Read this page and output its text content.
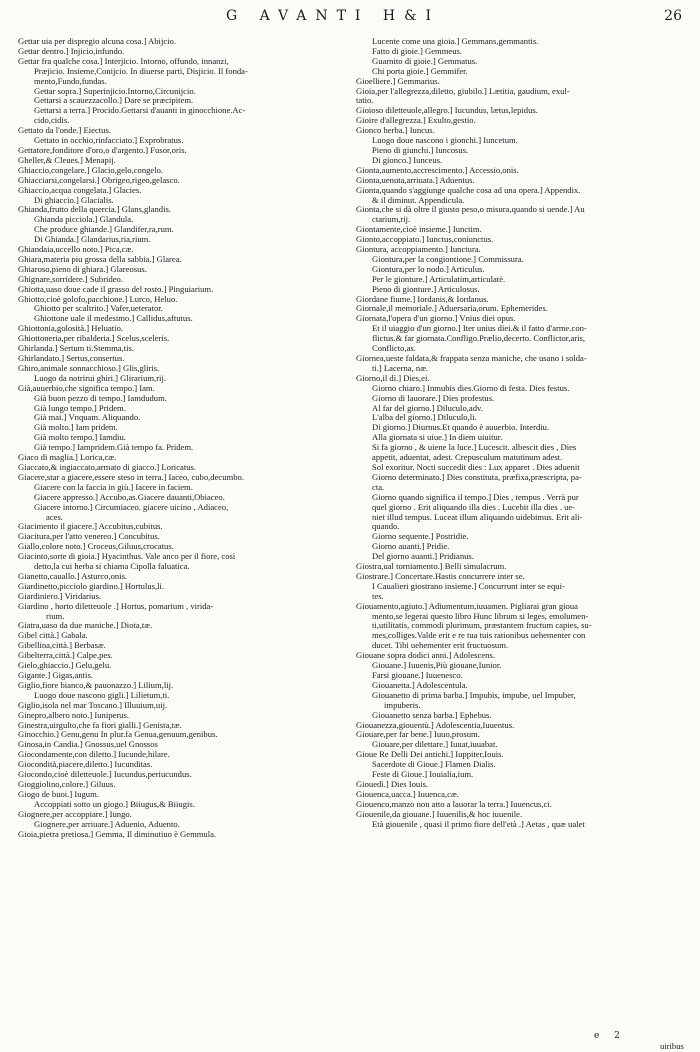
G AVANTI H&I	26
Gettar uia per dispregio alcuna cosa.] Abijcio.
Gettar dentro.] Injicio,infundo.
Gettar fra qualche cosa.] Interjicio. Intorno, offundo, innanzi,
Præjicio. Insieme,Conijcio. In diuerse parti, Disjicio. Il fonda-
mento,Fundo,fundas.
Gettar sopra.] Superinjicio.Intorno,Circunijcio.
Gettarsi a scauezzacollo.] Dare se præcipitem.
Gettarsi a terra.] Procido.Gettarsi d'auanti in ginocchione.Ac-
cido,cidis.
Gettato da l'onde.] Eiectus.
Gettato in occhio,rinfacciato.] Exprobratus.
Gettatore,fonditore d'oro,o d'argento.] Fusor,oris.
Gheller,& Cleues.] Menapij.
Ghiaccio,congelare.] Glacio,gelo,congelo.
Ghiacciarsi,congelarsi.] Obrigeo,rigeo,gelasco.
Ghiaccio,acqua congelata.] Glacies.
Di ghiaccio.] Glacialis.
Ghianda,frutto della quercia.] Glans,glandis.
Ghianda picciola.] Glandula.
Che produce ghiande.] Glandifer,ra,rum.
Di Ghianda.] Glandarius,ria,rium.
Ghiandaia,uccello noto.] Pica,cæ.
Ghiara,materia piu grossa della sabbia.] Glarea.
Ghiaroso,pieno di ghiara.] Glareosus.
Ghignare,sorridere.] Subrideo.
Ghiotta,uaso doue cade il grasso del rosto.] Pinguiarium.
Ghiotto,cioè golofo,pacchione.] Lurco, Heluo.
Ghiotto per scaltrito.] Vafer,ueterator.
Ghiottone uale il medesimo.] Callidus,aftutus.
Ghiottonia,golosità.] Heluatio.
Ghiottoneria,per ribalderia.] Scelus,sceleris.
Ghirlanda.] Sertum ti.Stemma,tis.
Ghirlandato.] Sertus,consertus.
Ghiro,animale sonnacchioso.] Glis,gliris.
Luogo da notrirui ghiri.] Glirarium,rij.
Già,auuerbio,che significa tempo.] Iam.
Già buon pezzo di tempo.] Iamdudum.
Già lungo tempo.] Pridem.
Già mai.] Vnquam. Aliquando.
Già molto.] Iam pridem.
Già molto tempo.] Iamdiu.
Già tempo.] Iampridem.Già tempo fa. Pridem.
Giaco di maglia.] Lorica,cæ.
Giaccato,& ingiaccato,armato di giacco.] Loricatus.
Giacere,star a giacere,essere steso in terra.] Iaceo, cubo,decumbo.
Giacere con la faccia in giù.] Iacere in faciem.
Giacere appresso.] Accubo,as.Giacere dauanti,Obiaceo.
Giacere intorno.] Circumiaceo. giacere uicino , Adiaceo,
aces.
Giacimento il giacere.] Accubitus,cubitus.
Giacitura,per l'atto venereo.] Concubitus.
Giallo,colore noto.] Croceus,Giluus,crocatus.
Giacinto,sorte di gioia.] Hyacinthus. Vale anco per il fiore, così
detto,la cui herba si chiama Cipolla faluatica.
Gianetto,cauallo.] Asturco,onis.
Giardinetto,picciolo giardino.] Hortulus,li.
Giardiniero.] Viridarius.
Giardino , horto diletteuole .] Hortus, pomarium , virida-
rium.
Giatra,uaso da due maniche.] Diota,tæ.
Gibel città.] Gabala.
Gibellina,città.] Berbasæ.
Gibelterra,città.] Calpe,pes.
Gielo,ghiaccio.] Gelu,gelu.
Gigante.] Gigas,antis.
Giglio,fiore bianco,& pauonazzo.] Lilium,lij.
Luogo doue nascono gigli.] Lilietum,ti.
Giglio,isola nel mar Toscano.] Illuuium,uij.
Gineprо,albero noto.] Iuniperus.
Ginestra,uirgulto,che fa fiori gialli.] Genista,tæ.
Ginocchio.] Genu,genu In plur.fa Genua,genuum,genibus.
Ginosa,in Candia.] Gnossus,uel Gnossos
Giocondamente,con diletto.] Iucunde,hilare.
Giocondità,piacere,diletto.] Iucunditas.
Giocondo,cioè dilettеuole.] Iucundus,periucundus.
Gioggiolino,colore.] Giluus.
Giogo de buoi.] Iugum.
Accoppiati sotto un giogo.] Biiugus,& Biiugis.
Giognere,per accoppiare.] Iungo.
Giognere,per arriuare.] Aduenio, Aduento.
Gioia,pietra pretiosa.] Gemma, Il diminutiuo è Gemmula.
Lucente come una gioia.] Gemmans,gemmantis.
Fatto di gioie.] Gemmeus.
Guarnito di gioie.] Gemmatus.
Chi porta gioie.] Gemmifer.
Gioelliere.] Gemmarius.
Gioia,per l'allegrezza,diletto, giubilo.] Lætitia, gaudium, exul-
tatio.
Gioioso dilettеuole,allegro.] Iucundus, lætus,lepidus.
Gioire d'allegrezza.] Exulto,gestio.
Gionco herba.] Iuncus.
Luogo doue nascono i gionchi.] Iuncetum.
Pieno di giunchi.] Iuncosus.
Di gionco.] Iunceus.
Gionta,aumento,accrescimento.] Accessio,onis.
Gionta,uenuta,arriuata.] Aduentus.
Gionta,quando s'aggiunge qualche cosa ad una opera.] Appendix.
& il diminut. Appendicula.
Gionta,che si dà oltre il giusto peso,o misura,quando si uende.] Au
ctarium,rij.
Giontamente,cioè insieme.] Iunctim.
Gionto,accoppiato.] Iunctus,coniunctus.
Giontura, accoppiamento.] Iunctura.
Giontura,per la congiontione.] Commissura.
Giontura,per lo nodo.] Articulus.
Per le gionture.] Articulatim,articulatè.
Pieno di gionture.] Articulosus.
Giordane fiume.] Iordanis,& Iordanus.
Giornale,il memoriale.] Aduersaria,orum. Ephemerides.
Giornata,l'opera d'un giorno.] Vnius diei opus.
Et il uiaggio d'un giorno.] Iter unius diei.& il fatto d'arme.con-
flictus.& far giornata.Confligo.Prælio,decerto. Conflictor,aris,
Conflicto,as.
Giornea,ueste faldata,& frappata senza maniche, che usano i solda-
ti.] Lacerna, næ.
Giorno,il dì.] Dies,ei.
Giorno chiaro.] Inmubis dies.Giorno di festa. Dies festus.
Giorno di lauorare.] Dies profestus.
Al far del giorno.] Diluculo,adv.
L'alba del giorno.] Diluculo,li.
Di giorno.] Diurnus.Et quando è auuerbio. Interdiu.
Alla giornata si uiue.] In diem uiuitur.
Si fa giorno , & uiene la luce.] Lucescit. albescit dies , Dies
appetit, aduentat, adest. Crepusculum matutinum adest.
Sol exoritur. Nocti succedit dies : Lux apparet . Dies aduenit
Giorno determinato.] Dies constituta, præfixa,præscripta, pa-
cta.
Giorno quando significa il tempo.] Dies , tempus . Verrà pur
quel giorno . Erit aliquando illa dies . Lucebit illa dies . ue-
niet illud tempus. Luceat illum aliquando uidebimus. Erit ali-
quando.
Giorno sequente.] Postridie.
Giorno auanti.] Pridie.
Del giorno auanti.] Pridianus.
Giostra,ual torniamento.] Belli simulacrum.
Giostrare.] Concertare.Hastis concurrere inter se.
I Caualieri giostrano insieme.] Concurrunt inter se equi-
tes.
Giouamento,agiuto.] Adiumentum,iuuamen. Pigliarai gran giouа
mento,se legerai questo libro Hunc librum si leges, emolumen-
ti,utilitatis, commodi plurimum, præstantem fructum capies, su-
mes,colliges.Valde erit e re tua tuis rationibus uehementer con
ducet. Tibi uehementer erit fructuosum.
Giouane sopra dodici anni.] Adolescens.
Giouane.] Iuuenis,Più giouane,Iunior.
Farsi giouane.] Iuuenesco.
Giouanetta.] Adolescentula.
Giouanetto di prima barba.] Impubis, impube, uel Impuber,
impuberis.
Giouanetto senza barba.] Ephebus.
Giouanezza,giouentù.] Adolescentia,Iuuentus.
Giouare,per far bene.] Iuuo,prosum.
Giouare,per dilettare.] Iuuat,iuuabat.
Gioue Re Delli Dei antichi.] Iuppiter,Iouis.
Sacerdote di Gioue.] Flamen Dialis.
Feste di Gioue.] Iouialia,ium.
Giouedì.] Dies Iouis.
Giouenca,uacca.] Iuuenca,cæ.
Giouenco,manzo non atto a lauorar la terra.] Iuuencus,ci.
Giouenile,da giouane.] Iuuenilis,& hoc iuuenile.
Età giouenile , quasi il primo fiore dell'età .] Aetas , quæ ualet
e 2
uiribus
